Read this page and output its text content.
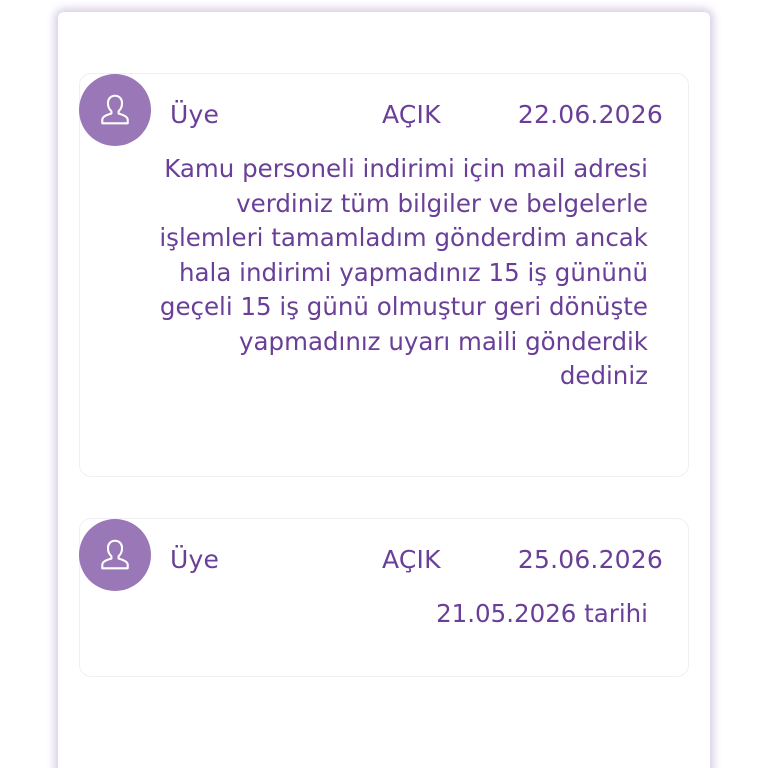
Üye	AÇIK	22.06.2026
Kamu personeli indirimi için mail adresi verdiniz tüm bilgiler ve belgelerle işlemleri tamamladım gönderdim ancak hala indirimi yapmadınız 15 iş gününü geçeli 15 iş günü olmuştur geri dönüşte yapmadınız uyarı maili gönderdik dediniz
Üye	AÇIK	25.06.2026
21.05.2026 tarihi
